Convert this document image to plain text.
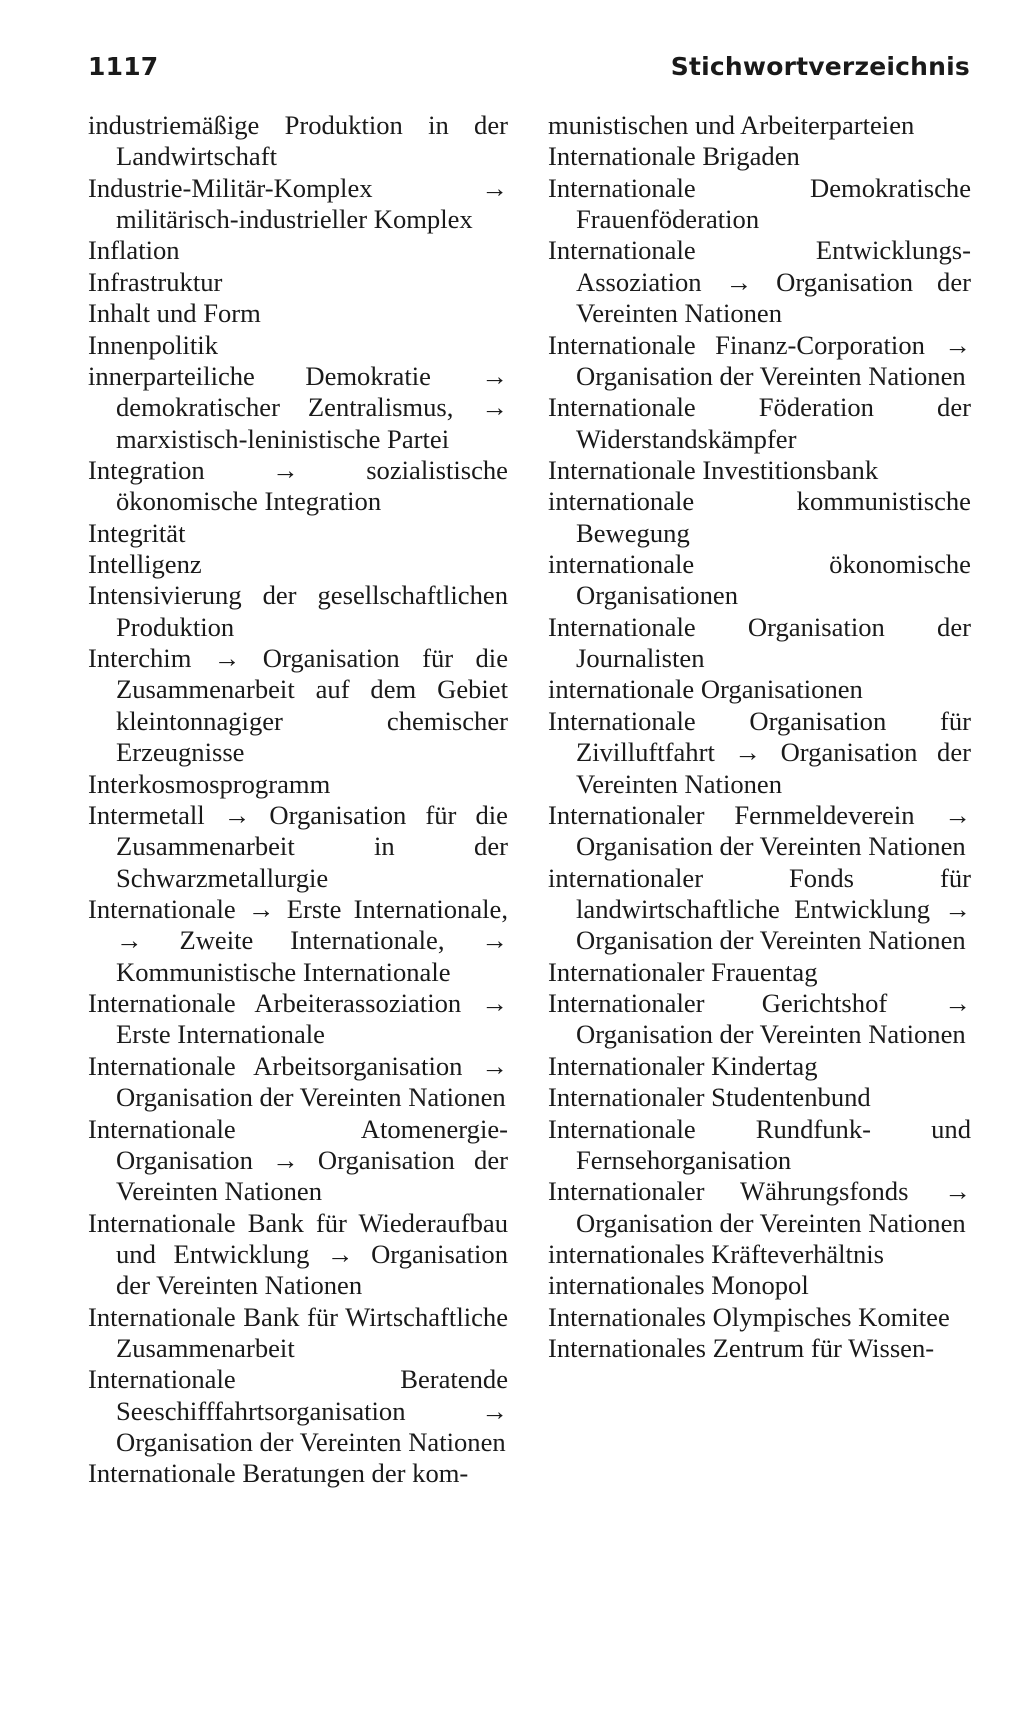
1117	Stichwortverzeichnis

industriemäßige Produktion in der Landwirtschaft

Industrie-Militär-Komplex → militärisch-industrieller Komplex

Inflation

Infrastruktur

Inhalt und Form

Innenpolitik

innerparteiliche Demokratie → demokratischer Zentralismus, → marxistisch-leninistische Partei

Integration → sozialistische ökonomische Integration

Integrität

Intelligenz

Intensivierung der gesellschaftlichen Produktion

Interchim → Organisation für die Zusammenarbeit auf dem Gebiet kleintonnagiger chemischer Erzeugnisse

Interkosmosprogramm

Intermetall → Organisation für die Zusammenarbeit in der Schwarzmetallurgie

Internationale → Erste Internationale, → Zweite Internationale, → Kommunistische Internationale

Internationale Arbeiterassoziation → Erste Internationale

Internationale Arbeitsorganisation → Organisation der Vereinten Nationen

Internationale Atomenergie-Organisation → Organisation der Vereinten Nationen

Internationale Bank für Wiederaufbau und Entwicklung → Organisation der Vereinten Nationen

Internationale Bank für Wirtschaftliche Zusammenarbeit

Internationale Beratende Seeschifffahrtsorganisation → Organisation der Vereinten Nationen

Internationale Beratungen der kom-

munistischen und Arbeiterparteien

Internationale Brigaden

Internationale Demokratische Frauenföderation

Internationale Entwicklungs-Assoziation → Organisation der Vereinten Nationen

Internationale Finanz-Corporation → Organisation der Vereinten Nationen

Internationale Föderation der Widerstandskämpfer

Internationale Investitionsbank

internationale kommunistische Bewegung

internationale ökonomische Organisationen

Internationale Organisation der Journalisten

internationale Organisationen

Internationale Organisation für Zivilluftfahrt → Organisation der Vereinten Nationen

Internationaler Fernmeldeverein → Organisation der Vereinten Nationen

internationaler Fonds für landwirtschaftliche Entwicklung → Organisation der Vereinten Nationen

Internationaler Frauentag

Internationaler Gerichtshof → Organisation der Vereinten Nationen

Internationaler Kindertag

Internationaler Studentenbund

Internationale Rundfunk- und Fernsehorganisation

Internationaler Währungsfonds → Organisation der Vereinten Nationen

internationales Kräfteverhältnis

internationales Monopol

Internationales Olympisches Komitee

Internationales Zentrum für Wissen-
